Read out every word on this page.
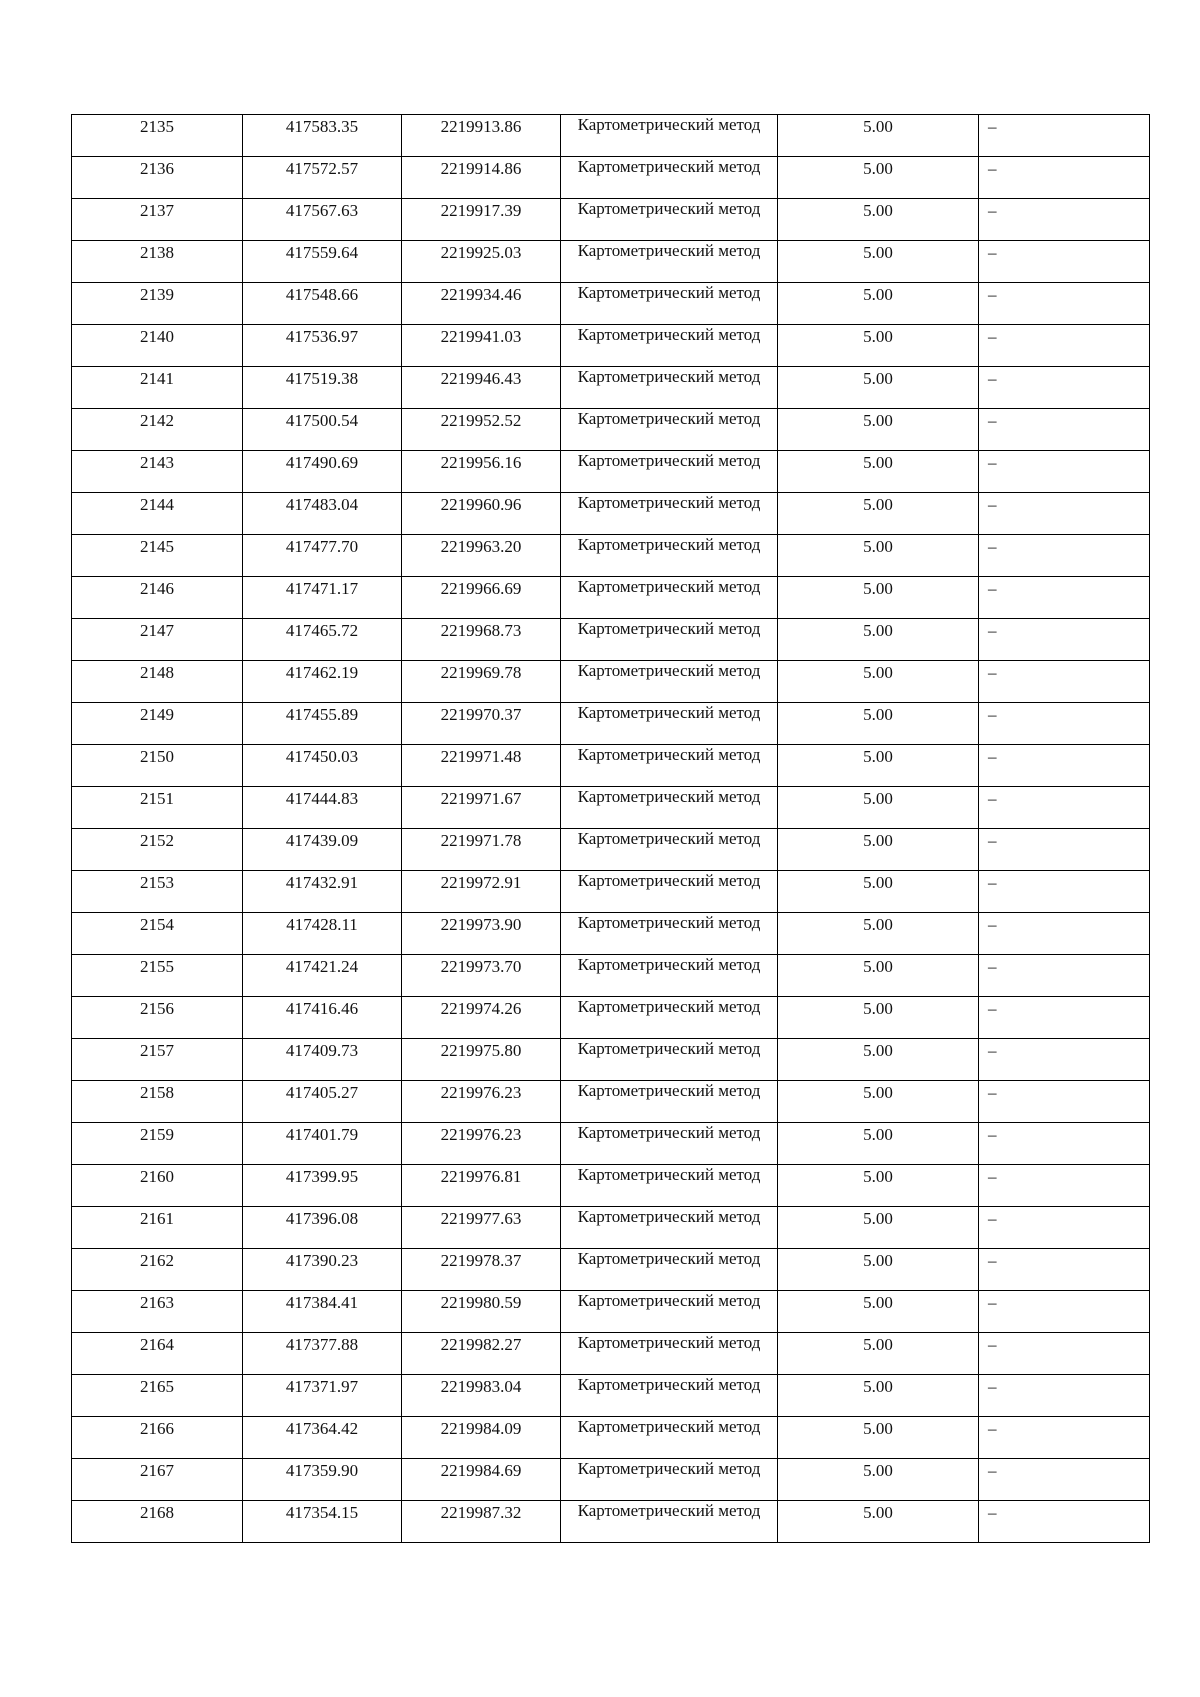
2135	417583.35	2219913.86	Картометрический метод	5.00	–
2136	417572.57	2219914.86	Картометрический метод	5.00	–
2137	417567.63	2219917.39	Картометрический метод	5.00	–
2138	417559.64	2219925.03	Картометрический метод	5.00	–
2139	417548.66	2219934.46	Картометрический метод	5.00	–
2140	417536.97	2219941.03	Картометрический метод	5.00	–
2141	417519.38	2219946.43	Картометрический метод	5.00	–
2142	417500.54	2219952.52	Картометрический метод	5.00	–
2143	417490.69	2219956.16	Картометрический метод	5.00	–
2144	417483.04	2219960.96	Картометрический метод	5.00	–
2145	417477.70	2219963.20	Картометрический метод	5.00	–
2146	417471.17	2219966.69	Картометрический метод	5.00	–
2147	417465.72	2219968.73	Картометрический метод	5.00	–
2148	417462.19	2219969.78	Картометрический метод	5.00	–
2149	417455.89	2219970.37	Картометрический метод	5.00	–
2150	417450.03	2219971.48	Картометрический метод	5.00	–
2151	417444.83	2219971.67	Картометрический метод	5.00	–
2152	417439.09	2219971.78	Картометрический метод	5.00	–
2153	417432.91	2219972.91	Картометрический метод	5.00	–
2154	417428.11	2219973.90	Картометрический метод	5.00	–
2155	417421.24	2219973.70	Картометрический метод	5.00	–
2156	417416.46	2219974.26	Картометрический метод	5.00	–
2157	417409.73	2219975.80	Картометрический метод	5.00	–
2158	417405.27	2219976.23	Картометрический метод	5.00	–
2159	417401.79	2219976.23	Картометрический метод	5.00	–
2160	417399.95	2219976.81	Картометрический метод	5.00	–
2161	417396.08	2219977.63	Картометрический метод	5.00	–
2162	417390.23	2219978.37	Картометрический метод	5.00	–
2163	417384.41	2219980.59	Картометрический метод	5.00	–
2164	417377.88	2219982.27	Картометрический метод	5.00	–
2165	417371.97	2219983.04	Картометрический метод	5.00	–
2166	417364.42	2219984.09	Картометрический метод	5.00	–
2167	417359.90	2219984.69	Картометрический метод	5.00	–
2168	417354.15	2219987.32	Картометрический метод	5.00	–
